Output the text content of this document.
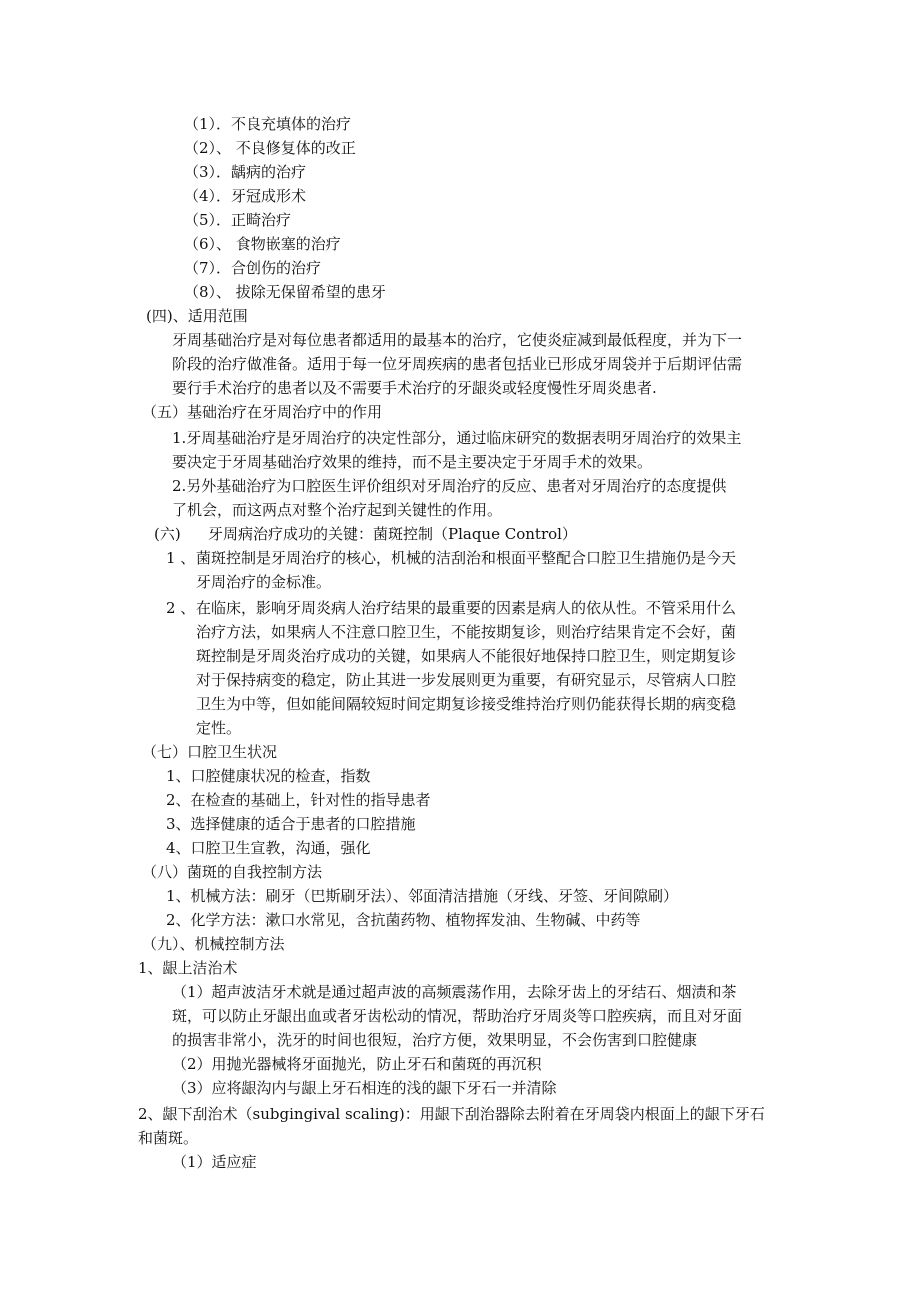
（1）．不良充填体的治疗
（2）、 不良修复体的改正
（3）．龋病的治疗
（4）．牙冠成形术
（5）．正畸治疗
（6）、 食物嵌塞的治疗
（7）．合创伤的治疗
（8）、 拔除无保留希望的患牙
(四)、适用范围
牙周基础治疗是对每位患者都适用的最基本的治疗，它使炎症减到最低程度，并为下一
阶段的治疗做准备。适用于每一位牙周疾病的患者包括业已形成牙周袋并于后期评估需
要行手术治疗的患者以及不需要手术治疗的牙龈炎或轻度慢性牙周炎患者.
（五）基础治疗在牙周治疗中的作用
1.牙周基础治疗是牙周治疗的决定性部分，通过临床研究的数据表明牙周治疗的效果主
要决定于牙周基础治疗效果的维持，而不是主要决定于牙周手术的效果。
2.另外基础治疗为口腔医生评价组织对牙周治疗的反应、患者对牙周治疗的态度提供
了机会，而这两点对整个治疗起到关键性的作用。
(六) 牙周病治疗成功的关键：菌斑控制（Plaque Control）
1 、 菌斑控制是牙周治疗的核心，机械的洁刮治和根面平整配合口腔卫生措施仍是今天
牙周治疗的金标准。
2 、 在临床，影响牙周炎病人治疗结果的最重要的因素是病人的依从性。不管采用什么
治疗方法，如果病人不注意口腔卫生，不能按期复诊，则治疗结果肯定不会好，菌
斑控制是牙周炎治疗成功的关键，如果病人不能很好地保持口腔卫生，则定期复诊
对于保持病变的稳定，防止其进一步发展则更为重要，有研究显示，尽管病人口腔
卫生为中等，但如能间隔较短时间定期复诊接受维持治疗则仍能获得长期的病变稳
定性。
（七）口腔卫生状况
1、口腔健康状况的检查，指数
2、在检查的基础上，针对性的指导患者
3、选择健康的适合于患者的口腔措施
4、口腔卫生宣教，沟通，强化
（八）菌斑的自我控制方法
1、机械方法：刷牙（巴斯刷牙法）、邻面清洁措施（牙线、牙签、牙间隙刷）
2、化学方法：漱口水常见，含抗菌药物、植物挥发油、生物碱、中药等
（九）、机械控制方法
1、龈上洁治术
（1）超声波洁牙术就是通过超声波的高频震荡作用，去除牙齿上的牙结石、烟渍和茶
斑，可以防止牙龈出血或者牙齿松动的情况，帮助治疗牙周炎等口腔疾病，而且对牙面
的损害非常小，洗牙的时间也很短，治疗方便，效果明显，不会伤害到口腔健康
（2）用抛光器械将牙面抛光，防止牙石和菌斑的再沉积
（3）应将龈沟内与龈上牙石相连的浅的龈下牙石一并清除
2、龈下刮治术（subgingival scaling)：用龈下刮治器除去附着在牙周袋内根面上的龈下牙石
和菌斑。
（1）适应症
